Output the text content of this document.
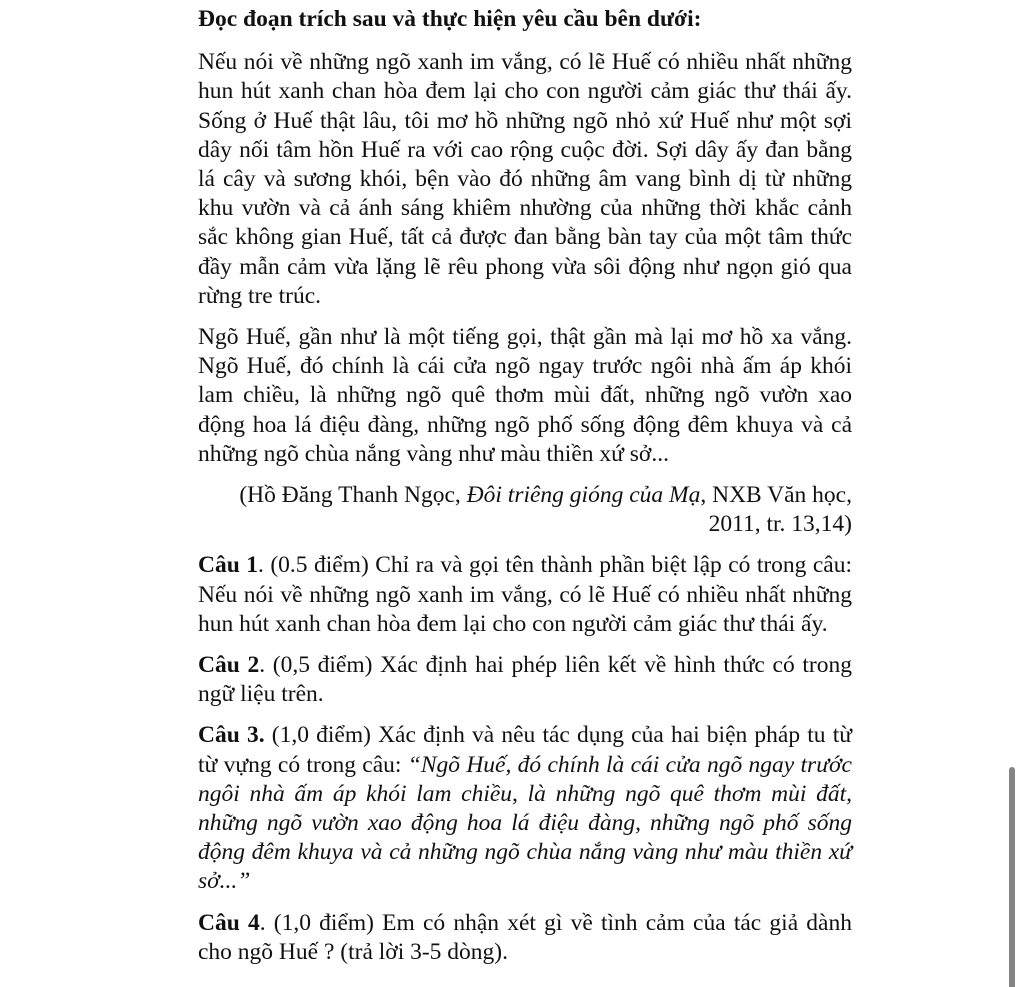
Đọc đoạn trích sau và thực hiện yêu cầu bên dưới:

Nếu nói về những ngõ xanh im vắng, có lẽ Huế có nhiều nhất những hun hút xanh chan hòa đem lại cho con người cảm giác thư thái ấy. Sống ở Huế thật lâu, tôi mơ hồ những ngõ nhỏ xứ Huế như một sợi dây nối tâm hồn Huế ra với cao rộng cuộc đời. Sợi dây ấy đan bằng lá cây và sương khói, bện vào đó những âm vang bình dị từ những khu vườn và cả ánh sáng khiêm nhường của những thời khắc cảnh sắc không gian Huế, tất cả được đan bằng bàn tay của một tâm thức đầy mẫn cảm vừa lặng lẽ rêu phong vừa sôi động như ngọn gió qua rừng tre trúc.

Ngõ Huế, gần như là một tiếng gọi, thật gần mà lại mơ hồ xa vắng. Ngõ Huế, đó chính là cái cửa ngõ ngay trước ngôi nhà ấm áp khói lam chiều, là những ngõ quê thơm mùi đất, những ngõ vườn xao động hoa lá điệu đàng, những ngõ phố sống động đêm khuya và cả những ngõ chùa nắng vàng như màu thiền xứ sở...

(Hồ Đăng Thanh Ngọc, Đôi triêng gióng của Mạ, NXB Văn học, 2011, tr. 13,14)

Câu 1. (0.5 điểm) Chỉ ra và gọi tên thành phần biệt lập có trong câu: Nếu nói về những ngõ xanh im vắng, có lẽ Huế có nhiều nhất những hun hút xanh chan hòa đem lại cho con người cảm giác thư thái ấy.

Câu 2. (0,5 điểm) Xác định hai phép liên kết về hình thức có trong ngữ liệu trên.

Câu 3. (1,0 điểm) Xác định và nêu tác dụng của hai biện pháp tu từ từ vựng có trong câu: “Ngõ Huế, đó chính là cái cửa ngõ ngay trước ngôi nhà ấm áp khói lam chiều, là những ngõ quê thơm mùi đất, những ngõ vườn xao động hoa lá điệu đàng, những ngõ phố sống động đêm khuya và cả những ngõ chùa nắng vàng như màu thiền xứ sở...”

Câu 4. (1,0 điểm) Em có nhận xét gì về tình cảm của tác giả dành cho ngõ Huế ? (trả lời 3-5 dòng).
